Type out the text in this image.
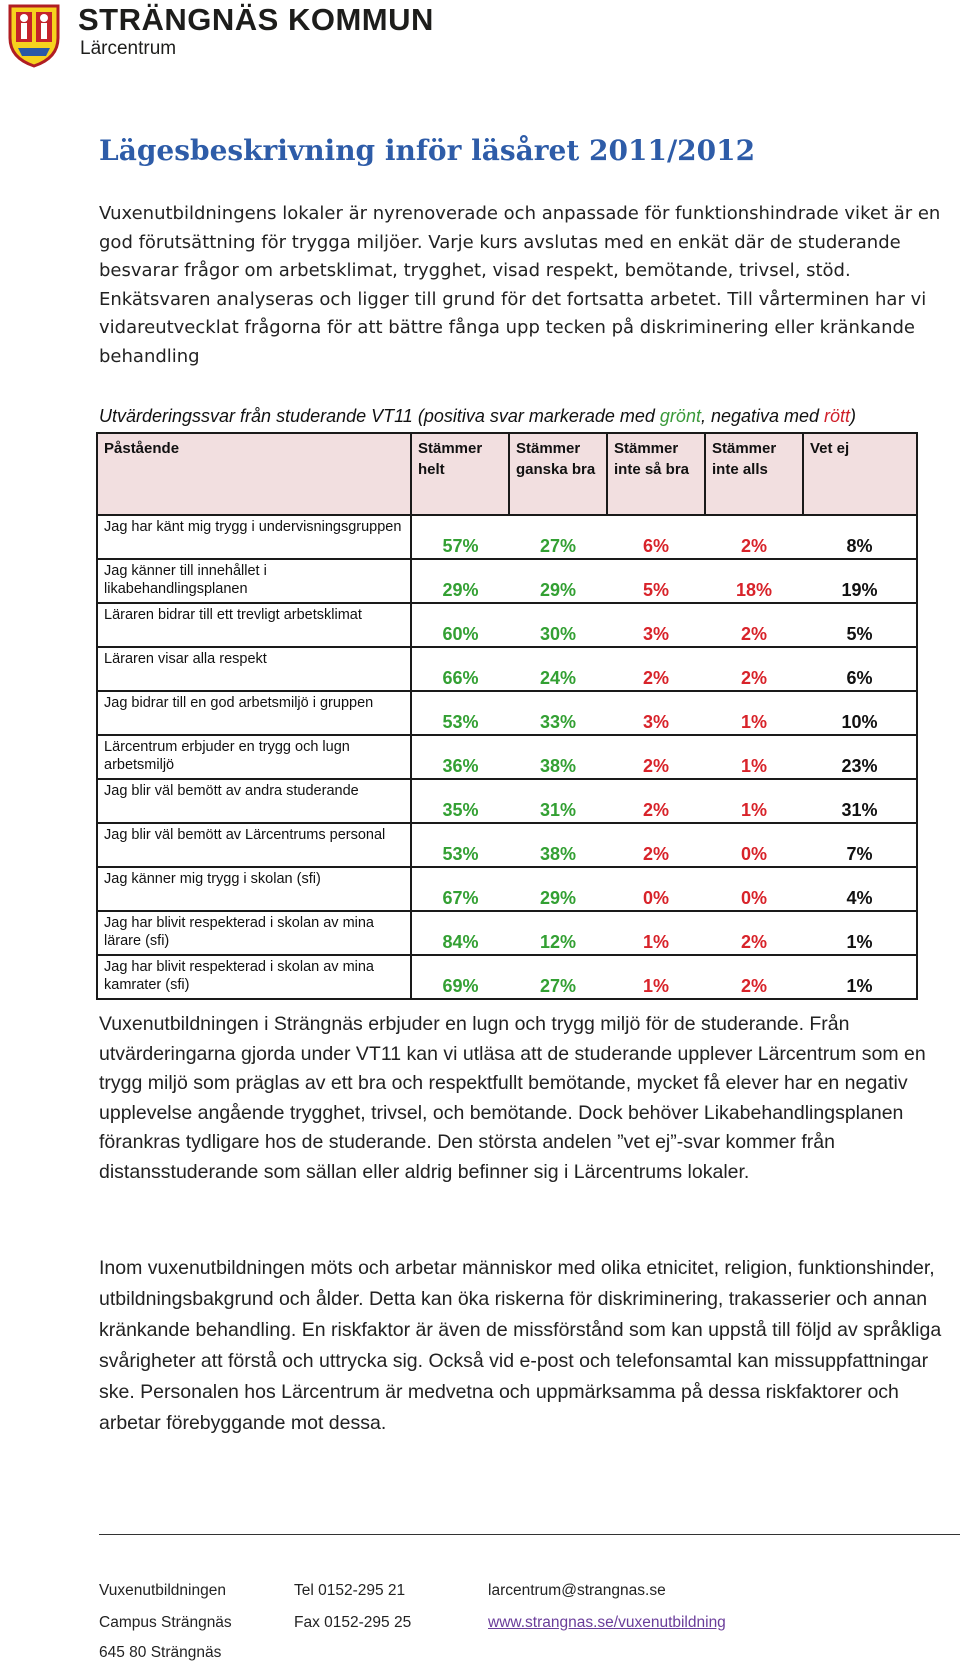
STRÄNGNÄS KOMMUN
Lärcentrum
Lägesbeskrivning inför läsåret 2011/2012

Vuxenutbildningens lokaler är nyrenoverade och anpassade för funktionshindrade viket är en god förutsättning för trygga miljöer. Varje kurs avslutas med en enkät där de studerande besvarar frågor om arbetsklimat, trygghet, visad respekt, bemötande, trivsel, stöd. Enkätsvaren analyseras och ligger till grund för det fortsatta arbetet. Till vårterminen har vi vidareutvecklat frågorna för att bättre fånga upp tecken på diskriminering eller kränkande behandling

Utvärderingssvar från studerande VT11 (positiva svar markerade med grönt, negativa med rött)

Påstående	Stämmer helt	Stämmer ganska bra	Stämmer inte så bra	Stämmer inte alls	Vet ej
Jag har känt mig trygg i undervisningsgruppen	57%	27%	6%	2%	8%
Jag känner till innehållet i likabehandlingsplanen	29%	29%	5%	18%	19%
Läraren bidrar till ett trevligt arbetsklimat	60%	30%	3%	2%	5%
Läraren visar alla respekt	66%	24%	2%	2%	6%
Jag bidrar till en god arbetsmiljö i gruppen	53%	33%	3%	1%	10%
Lärcentrum erbjuder en trygg och lugn arbetsmiljö	36%	38%	2%	1%	23%
Jag blir väl bemött av andra studerande	35%	31%	2%	1%	31%
Jag blir väl bemött av Lärcentrums personal	53%	38%	2%	0%	7%
Jag känner mig trygg i skolan (sfi)	67%	29%	0%	0%	4%
Jag har blivit respekterad i skolan av mina lärare (sfi)	84%	12%	1%	2%	1%
Jag har blivit respekterad i skolan av mina kamrater (sfi)	69%	27%	1%	2%	1%

Vuxenutbildningen i Strängnäs erbjuder en lugn och trygg miljö för de studerande. Från utvärderingarna gjorda under VT11 kan vi utläsa att de studerande upplever Lärcentrum som en trygg miljö som präglas av ett bra och respektfullt bemötande, mycket få elever har en negativ upplevelse angående trygghet, trivsel, och bemötande. Dock behöver Likabehandlingsplanen förankras tydligare hos de studerande. Den största andelen ”vet ej”-svar kommer från distansstuderande som sällan eller aldrig befinner sig i Lärcentrums lokaler.

Inom vuxenutbildningen möts och arbetar människor med olika etnicitet, religion, funktionshinder, utbildningsbakgrund och ålder. Detta kan öka riskerna för diskriminering, trakasserier och annan kränkande behandling. En riskfaktor är även de missförstånd som kan uppstå till följd av språkliga svårigheter att förstå och uttrycka sig. Också vid e-post och telefonsamtal kan missuppfattningar ske. Personalen hos Lärcentrum är medvetna och uppmärksamma på dessa riskfaktorer och arbetar förebyggande mot dessa.

Vuxenutbildningen
Campus Strängnäs
645 80 Strängnäs
Tel 0152-295 21
Fax 0152-295 25
larcentrum@strangnas.se
www.strangnas.se/vuxenutbildning
